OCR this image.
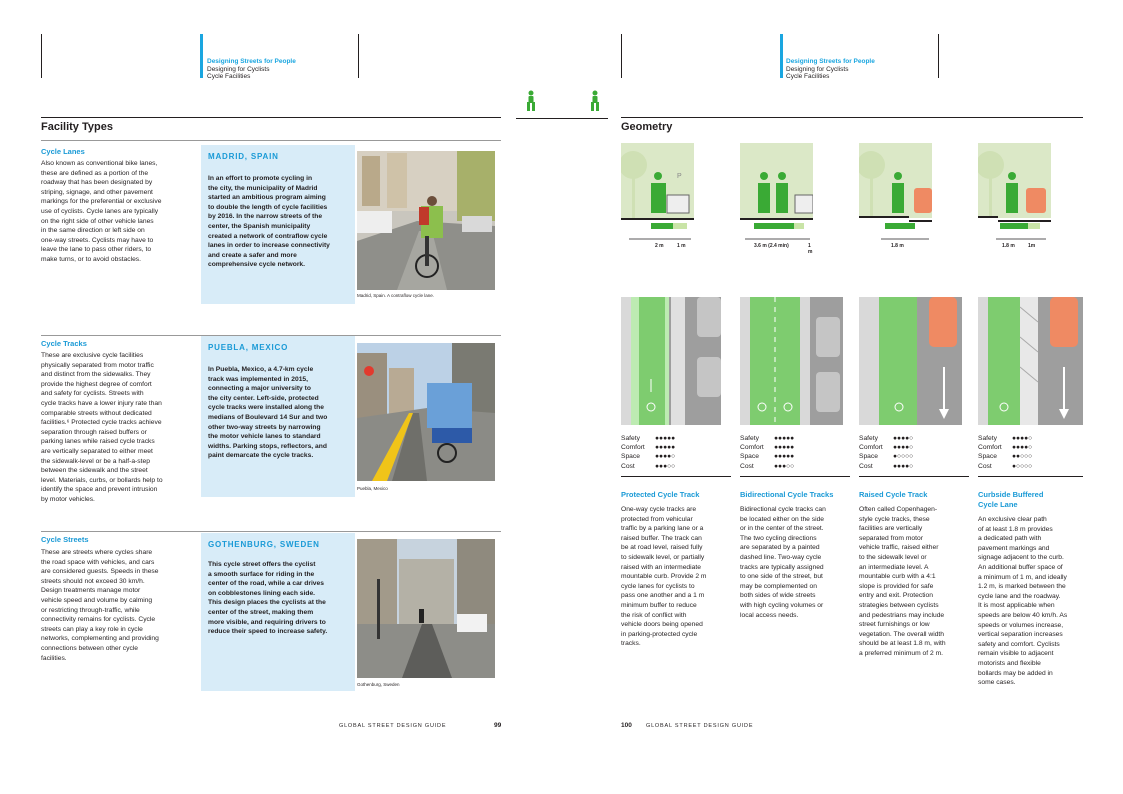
Designing Streets for People
Designing for Cyclists
Cycle Facilities
Facility Types
Cycle Lanes
Also known as conventional bike lanes,
these are defined as a portion of the
roadway that has been designated by
striping, signage, and other pavement
markings for the preferential or exclusive
use of cyclists. Cycle lanes are typically
on the right side of other vehicle lanes
in the same direction or left side on
one-way streets. Cyclists may have to
leave the lane to pass other riders, to
make turns, or to avoid obstacles.
MADRID, SPAIN
In an effort to promote cycling in
the city, the municipality of Madrid
started an ambitious program aiming
to double the length of cycle facilities
by 2016. In the narrow streets of the
center, the Spanish municipality
created a network of contraflow cycle
lanes in order to increase connectivity
and create a safer and more
comprehensive cycle network.
Madrid, Spain. A contraflow cycle lane.
Cycle Tracks
These are exclusive cycle facilities
physically separated from motor traffic
and distinct from the sidewalks. They
provide the highest degree of comfort
and safety for cyclists. Streets with
cycle tracks have a lower injury rate than
comparable streets without dedicated
facilities.⁶ Protected cycle tracks achieve
separation through raised buffers or
parking lanes while raised cycle tracks
are vertically separated to either meet
the sidewalk-level or be a half-a-step
between the sidewalk and the street
level. Materials, curbs, or bollards help to
identify the space and prevent intrusion
by motor vehicles.
PUEBLA, MEXICO
In Puebla, Mexico, a 4.7-km cycle
track was implemented in 2015,
connecting a major university to
the city center. Left-side, protected
cycle tracks were installed along the
medians of Boulevard 14 Sur and two
other two-way streets by narrowing
the motor vehicle lanes to standard
widths. Parking stops, reflectors, and
paint demarcate the cycle tracks.
Puebla, Mexico
Cycle Streets
These are streets where cycles share
the road space with vehicles, and cars
are considered guests. Speeds in these
streets should not exceed 30 km/h.
Design treatments manage motor
vehicle speed and volume by calming
or restricting through-traffic, while
connectivity remains for cyclists. Cycle
streets can play a key role in cycle
networks, complementing and providing
connections between other cycle
facilities.
GOTHENBURG, SWEDEN
This cycle street offers the cyclist
a smooth surface for riding in the
center of the road, while a car drives
on cobblestones lining each side.
This design places the cyclists at the
center of the street, making them
more visible, and requiring drivers to
reduce their speed to increase safety.
Gothenburg, Sweden
GLOBAL STREET DESIGN GUIDE	99
Designing Streets for People
Designing for Cyclists
Cycle Facilities
Geometry
P
2 m	1 m
Safety ●●●●●
Comfort ●●●●●
Space ●●●●○
Cost	●●●○○
Protected Cycle Track
One-way cycle tracks are
protected from vehicular
traffic by a parking lane or a
raised buffer. The track can
be at road level, raised fully
to sidewalk level, or partially
raised with an intermediate
mountable curb. Provide 2 m
cycle lanes for cyclists to
pass one another and a 1 m
minimum buffer to reduce
the risk of conflict with
vehicle doors being opened
in parking-protected cycle
tracks.
3.6 m (2.4 min)	1 m
Safety ●●●●●
Comfort ●●●●●
Space ●●●●●
Cost	●●●○○
Bidirectional Cycle Tracks
Bidirectional cycle tracks can
be located either on the side
or in the center of the street.
The two cycling directions
are separated by a painted
dashed line. Two-way cycle
tracks are typically assigned
to one side of the street, but
may be complemented on
both sides of wide streets
with high cycling volumes or
local access needs.
1.8 m
Safety ●●●●○
Comfort ●●●●○
Space ●○○○○
Cost	●●●●○
Raised Cycle Track
Often called Copenhagen-
style cycle tracks, these
facilities are vertically
separated from motor
vehicle traffic, raised either
to the sidewalk level or
an intermediate level. A
mountable curb with a 4:1
slope is provided for safe
entry and exit. Protection
strategies between cyclists
and pedestrians may include
street furnishings or low
vegetation. The overall width
should be at least 1.8 m, with
a preferred minimum of 2 m.
1.8 m	1m
Safety ●●●●○
Comfort ●●●●○
Space ●●○○○
Cost	●○○○○
Curbside Buffered
Cycle Lane
An exclusive clear path
of at least 1.8 m provides
a dedicated path with
pavement markings and
signage adjacent to the curb.
An additional buffer space of
a minimum of 1 m, and ideally
1.2 m, is marked between the
cycle lane and the roadway.
It is most applicable when
speeds are below 40 km/h. As
speeds or volumes increase,
vertical separation increases
safety and comfort. Cyclists
remain visible to adjacent
motorists and flexible
bollards may be added in
some cases.
100	GLOBAL STREET DESIGN GUIDE
